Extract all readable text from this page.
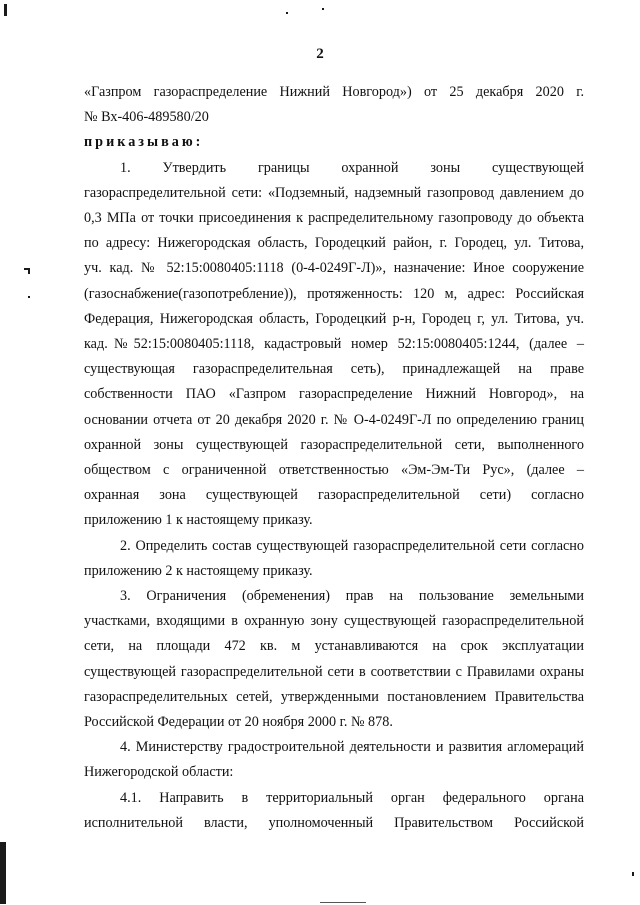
2
«Газпром газораспределение Нижний Новгород») от 25 декабря 2020 г.
№ Вх-406-489580/20
приказываю:
1. Утвердить границы охранной зоны существующей
газораспределительной сети: «Подземный, надземный газопровод давлением до
0,3 МПа от точки присоединения к распределительному газопроводу до объекта
по адресу: Нижегородская область, Городецкий район, г. Городец, ул. Титова,
уч. кад. № 52:15:0080405:1118 (0-4-0249Г-Л)», назначение: Иное сооружение
(газоснабжение(газопотребление)), протяженность: 120 м, адрес: Российская
Федерация, Нижегородская область, Городецкий р-н, Городец г, ул. Титова, уч.
кад.№52:15:0080405:1118, кадастровый номер 52:15:0080405:1244, (далее –
существующая газораспределительная сеть), принадлежащей на праве
собственности ПАО «Газпром газораспределение Нижний Новгород», на
основании отчета от 20 декабря 2020 г. № О-4-0249Г-Л по определению границ
охранной зоны существующей газораспределительной сети, выполненного
обществом с ограниченной ответственностью «Эм-Эм-Ти Рус», (далее –
охранная зона существующей газораспределительной сети) согласно
приложению 1 к настоящему приказу.
2. Определить состав существующей газораспределительной сети согласно
приложению 2 к настоящему приказу.
3. Ограничения (обременения) прав на пользование земельными
участками, входящими в охранную зону существующей газораспределительной
сети, на площади 472 кв. м устанавливаются на срок эксплуатации
существующей газораспределительной сети в соответствии с Правилами охраны
газораспределительных сетей, утвержденными постановлением Правительства
Российской Федерации от 20 ноября 2000 г. № 878.
4. Министерству градостроительной деятельности и развития агломераций
Нижегородской области:
4.1. Направить в территориальный орган федерального органа
исполнительной власти, уполномоченный Правительством Российской
